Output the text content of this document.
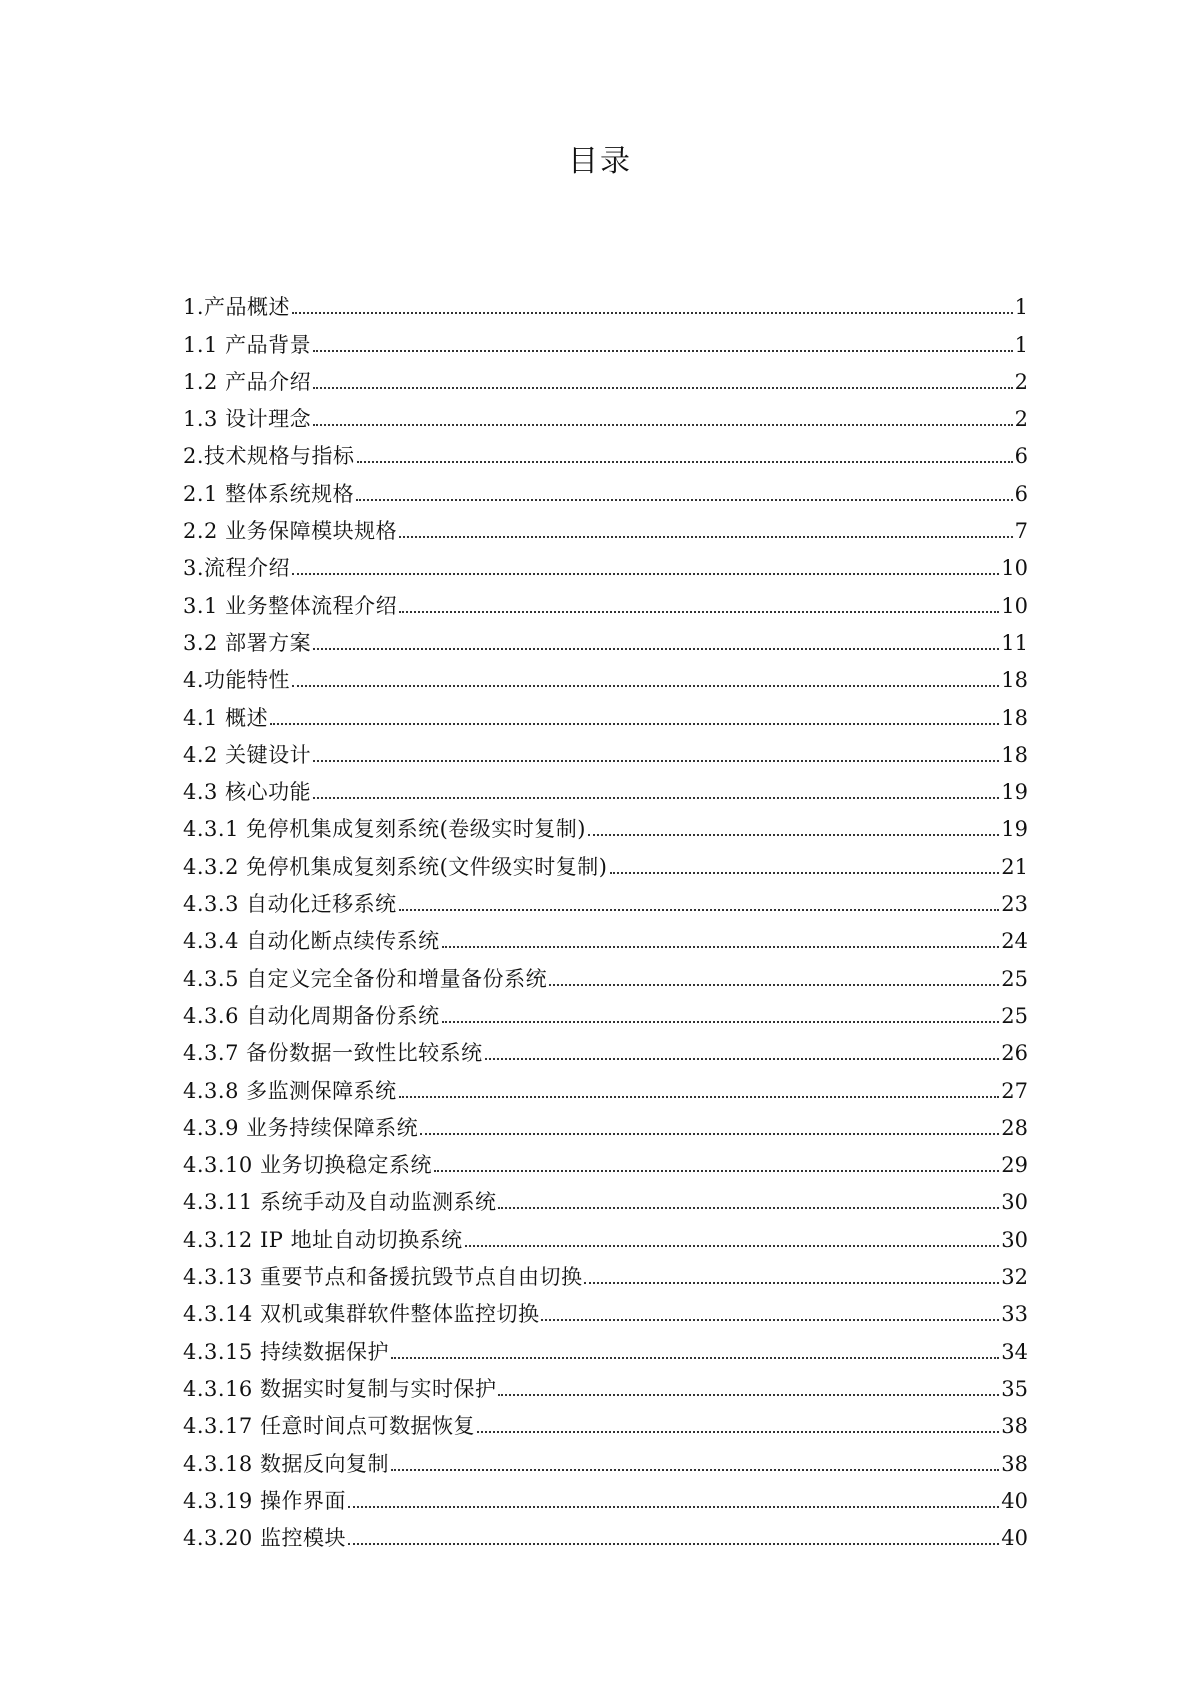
目录
1.产品概述	1
1.1 产品背景	1
1.2 产品介绍	2
1.3 设计理念	2
2.技术规格与指标	6
2.1 整体系统规格	6
2.2 业务保障模块规格	7
3.流程介绍	10
3.1 业务整体流程介绍	10
3.2 部署方案	11
4.功能特性	18
4.1 概述	18
4.2 关键设计	18
4.3 核心功能	19
4.3.1 免停机集成复刻系统(卷级实时复制)	19
4.3.2 免停机集成复刻系统(文件级实时复制)	21
4.3.3 自动化迁移系统	23
4.3.4 自动化断点续传系统	24
4.3.5 自定义完全备份和增量备份系统	25
4.3.6 自动化周期备份系统	25
4.3.7 备份数据一致性比较系统	26
4.3.8 多监测保障系统	27
4.3.9 业务持续保障系统	28
4.3.10 业务切换稳定系统	29
4.3.11 系统手动及自动监测系统	30
4.3.12 IP 地址自动切换系统	30
4.3.13 重要节点和备援抗毁节点自由切换	32
4.3.14 双机或集群软件整体监控切换	33
4.3.15 持续数据保护	34
4.3.16 数据实时复制与实时保护	35
4.3.17 任意时间点可数据恢复	38
4.3.18 数据反向复制	38
4.3.19 操作界面	40
4.3.20 监控模块	40
